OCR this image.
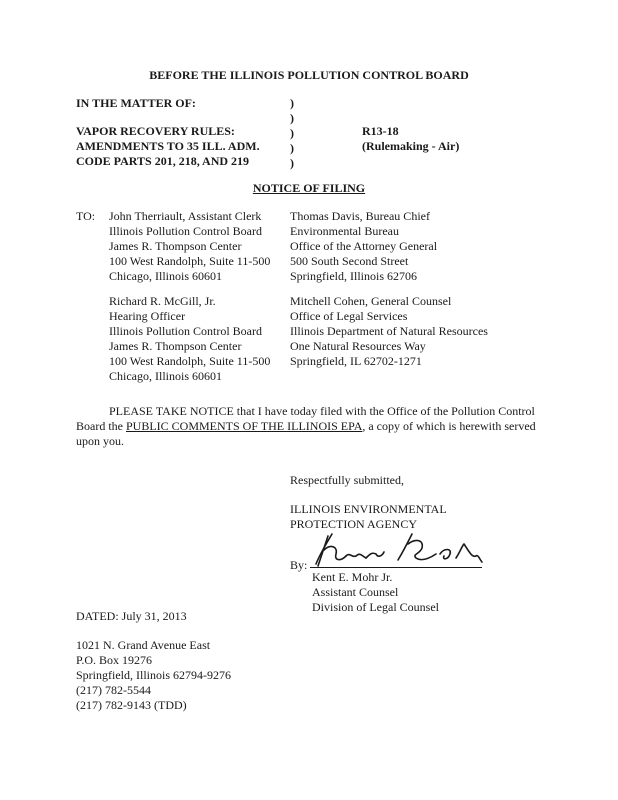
BEFORE THE ILLINOIS POLLUTION CONTROL BOARD
IN THE MATTER OF:
VAPOR RECOVERY RULES:
AMENDMENTS TO 35 ILL. ADM.
CODE PARTS 201, 218, AND 219
)
)
)
)
)
R13-18
(Rulemaking - Air)
NOTICE OF FILING
TO: John Therriault, Assistant Clerk
Illinois Pollution Control Board
James R. Thompson Center
100 West Randolph, Suite 11-500
Chicago, Illinois 60601
Thomas Davis, Bureau Chief
Environmental Bureau
Office of the Attorney General
500 South Second Street
Springfield, Illinois 62706
Richard R. McGill, Jr.
Hearing Officer
Illinois Pollution Control Board
James R. Thompson Center
100 West Randolph, Suite 11-500
Chicago, Illinois 60601
Mitchell Cohen, General Counsel
Office of Legal Services
Illinois Department of Natural Resources
One Natural Resources Way
Springfield, IL 62702-1271
PLEASE TAKE NOTICE that I have today filed with the Office of the Pollution Control
Board the PUBLIC COMMENTS OF THE ILLINOIS EPA, a copy of which is herewith served
upon you.
Respectfully submitted,
ILLINOIS ENVIRONMENTAL
PROTECTION AGENCY
By:
Kent E. Mohr Jr.
Assistant Counsel
Division of Legal Counsel
DATED: July 31, 2013
1021 N. Grand Avenue East
P.O. Box 19276
Springfield, Illinois 62794-9276
(217) 782-5544
(217) 782-9143 (TDD)
